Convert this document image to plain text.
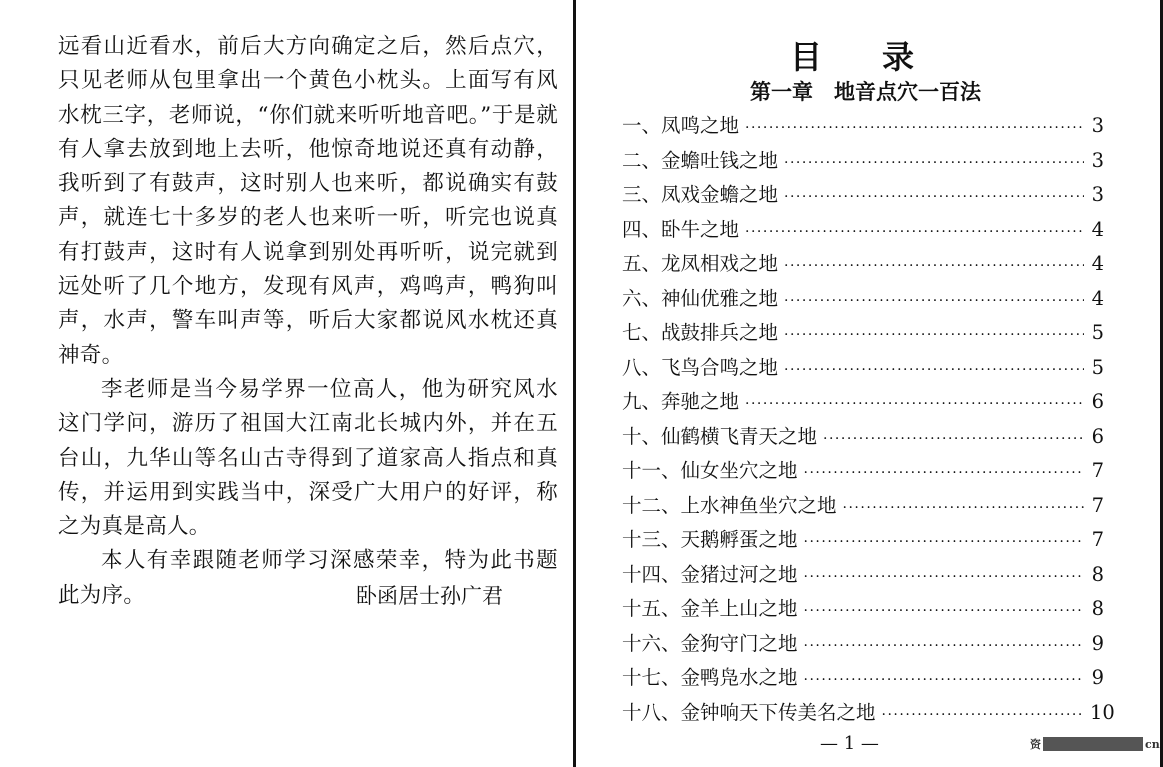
远看山近看水，前后大方向确定之后，然后点穴，只见老师从包里拿出一个黄色小枕头。上面写有风水枕三字，老师说，“你们就来听听地音吧。”于是就有人拿去放到地上去听，他惊奇地说还真有动静，我听到了有鼓声，这时别人也来听，都说确实有鼓声，就连七十多岁的老人也来听一听，听完也说真有打鼓声，这时有人说拿到别处再听听，说完就到远处听了几个地方，发现有风声，鸡鸣声，鸭狗叫声，水声，警车叫声等，听后大家都说风水枕还真神奇。

李老师是当今易学界一位高人，他为研究风水这门学问，游历了祖国大江南北长城内外，并在五台山，九华山等名山古寺得到了道家高人指点和真传，并运用到实践当中，深受广大用户的好评，称之为真是高人。

本人有幸跟随老师学习深感荣幸，特为此书题此为序。	卧函居士孙广君
目录
第一章　地音点穴一百法
一、凤鸣之地 ·····	3
二、金蟾吐钱之地 ·····	3
三、凤戏金蟾之地 ·····	3
四、卧牛之地 ·····	4
五、龙凤相戏之地 ·····	4
六、神仙优雅之地 ·····	4
七、战鼓排兵之地 ·····	5
八、飞鸟合鸣之地 ·····	5
九、奔驰之地 ·····	6
十、仙鹤横飞青天之地 ·····	6
十一、仙女坐穴之地 ·····	7
十二、上水神鱼坐穴之地 ·····	7
十三、天鹅孵蛋之地 ·····	7
十四、金猪过河之地 ·····	8
十五、金羊上山之地 ·····	8
十六、金狗守门之地 ·····	9
十七、金鸭凫水之地 ·····	9
十八、金钟响天下传美名之地 ·····	10
— 1 —	资	cn
